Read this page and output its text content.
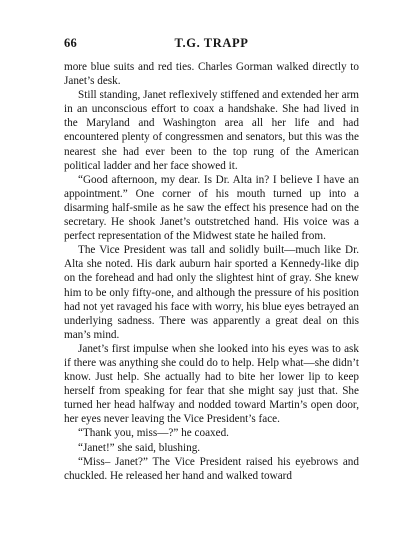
66	T.G. TRAPP

more blue suits and red ties. Charles Gorman walked directly to Janet’s desk.

Still standing, Janet reflexively stiffened and extended her arm in an unconscious effort to coax a handshake. She had lived in the Maryland and Washington area all her life and had encountered plenty of congressmen and senators, but this was the nearest she had ever been to the top rung of the American political ladder and her face showed it.

“Good afternoon, my dear. Is Dr. Alta in? I believe I have an appointment.” One corner of his mouth turned up into a disarming half-smile as he saw the effect his presence had on the secretary. He shook Janet’s outstretched hand. His voice was a perfect representation of the Midwest state he hailed from.

The Vice President was tall and solidly built—much like Dr. Alta she noted. His dark auburn hair sported a Kennedy-like dip on the forehead and had only the slightest hint of gray. She knew him to be only fifty-one, and although the pressure of his position had not yet ravaged his face with worry, his blue eyes betrayed an underlying sadness. There was apparently a great deal on this man’s mind.

Janet’s first impulse when she looked into his eyes was to ask if there was anything she could do to help. Help what—she didn’t know. Just help. She actually had to bite her lower lip to keep herself from speaking for fear that she might say just that. She turned her head halfway and nodded toward Martin’s open door, her eyes never leaving the Vice President’s face.

“Thank you, miss—?” he coaxed.

“Janet!” she said, blushing.

“Miss– Janet?” The Vice President raised his eyebrows and chuckled. He released her hand and walked toward
